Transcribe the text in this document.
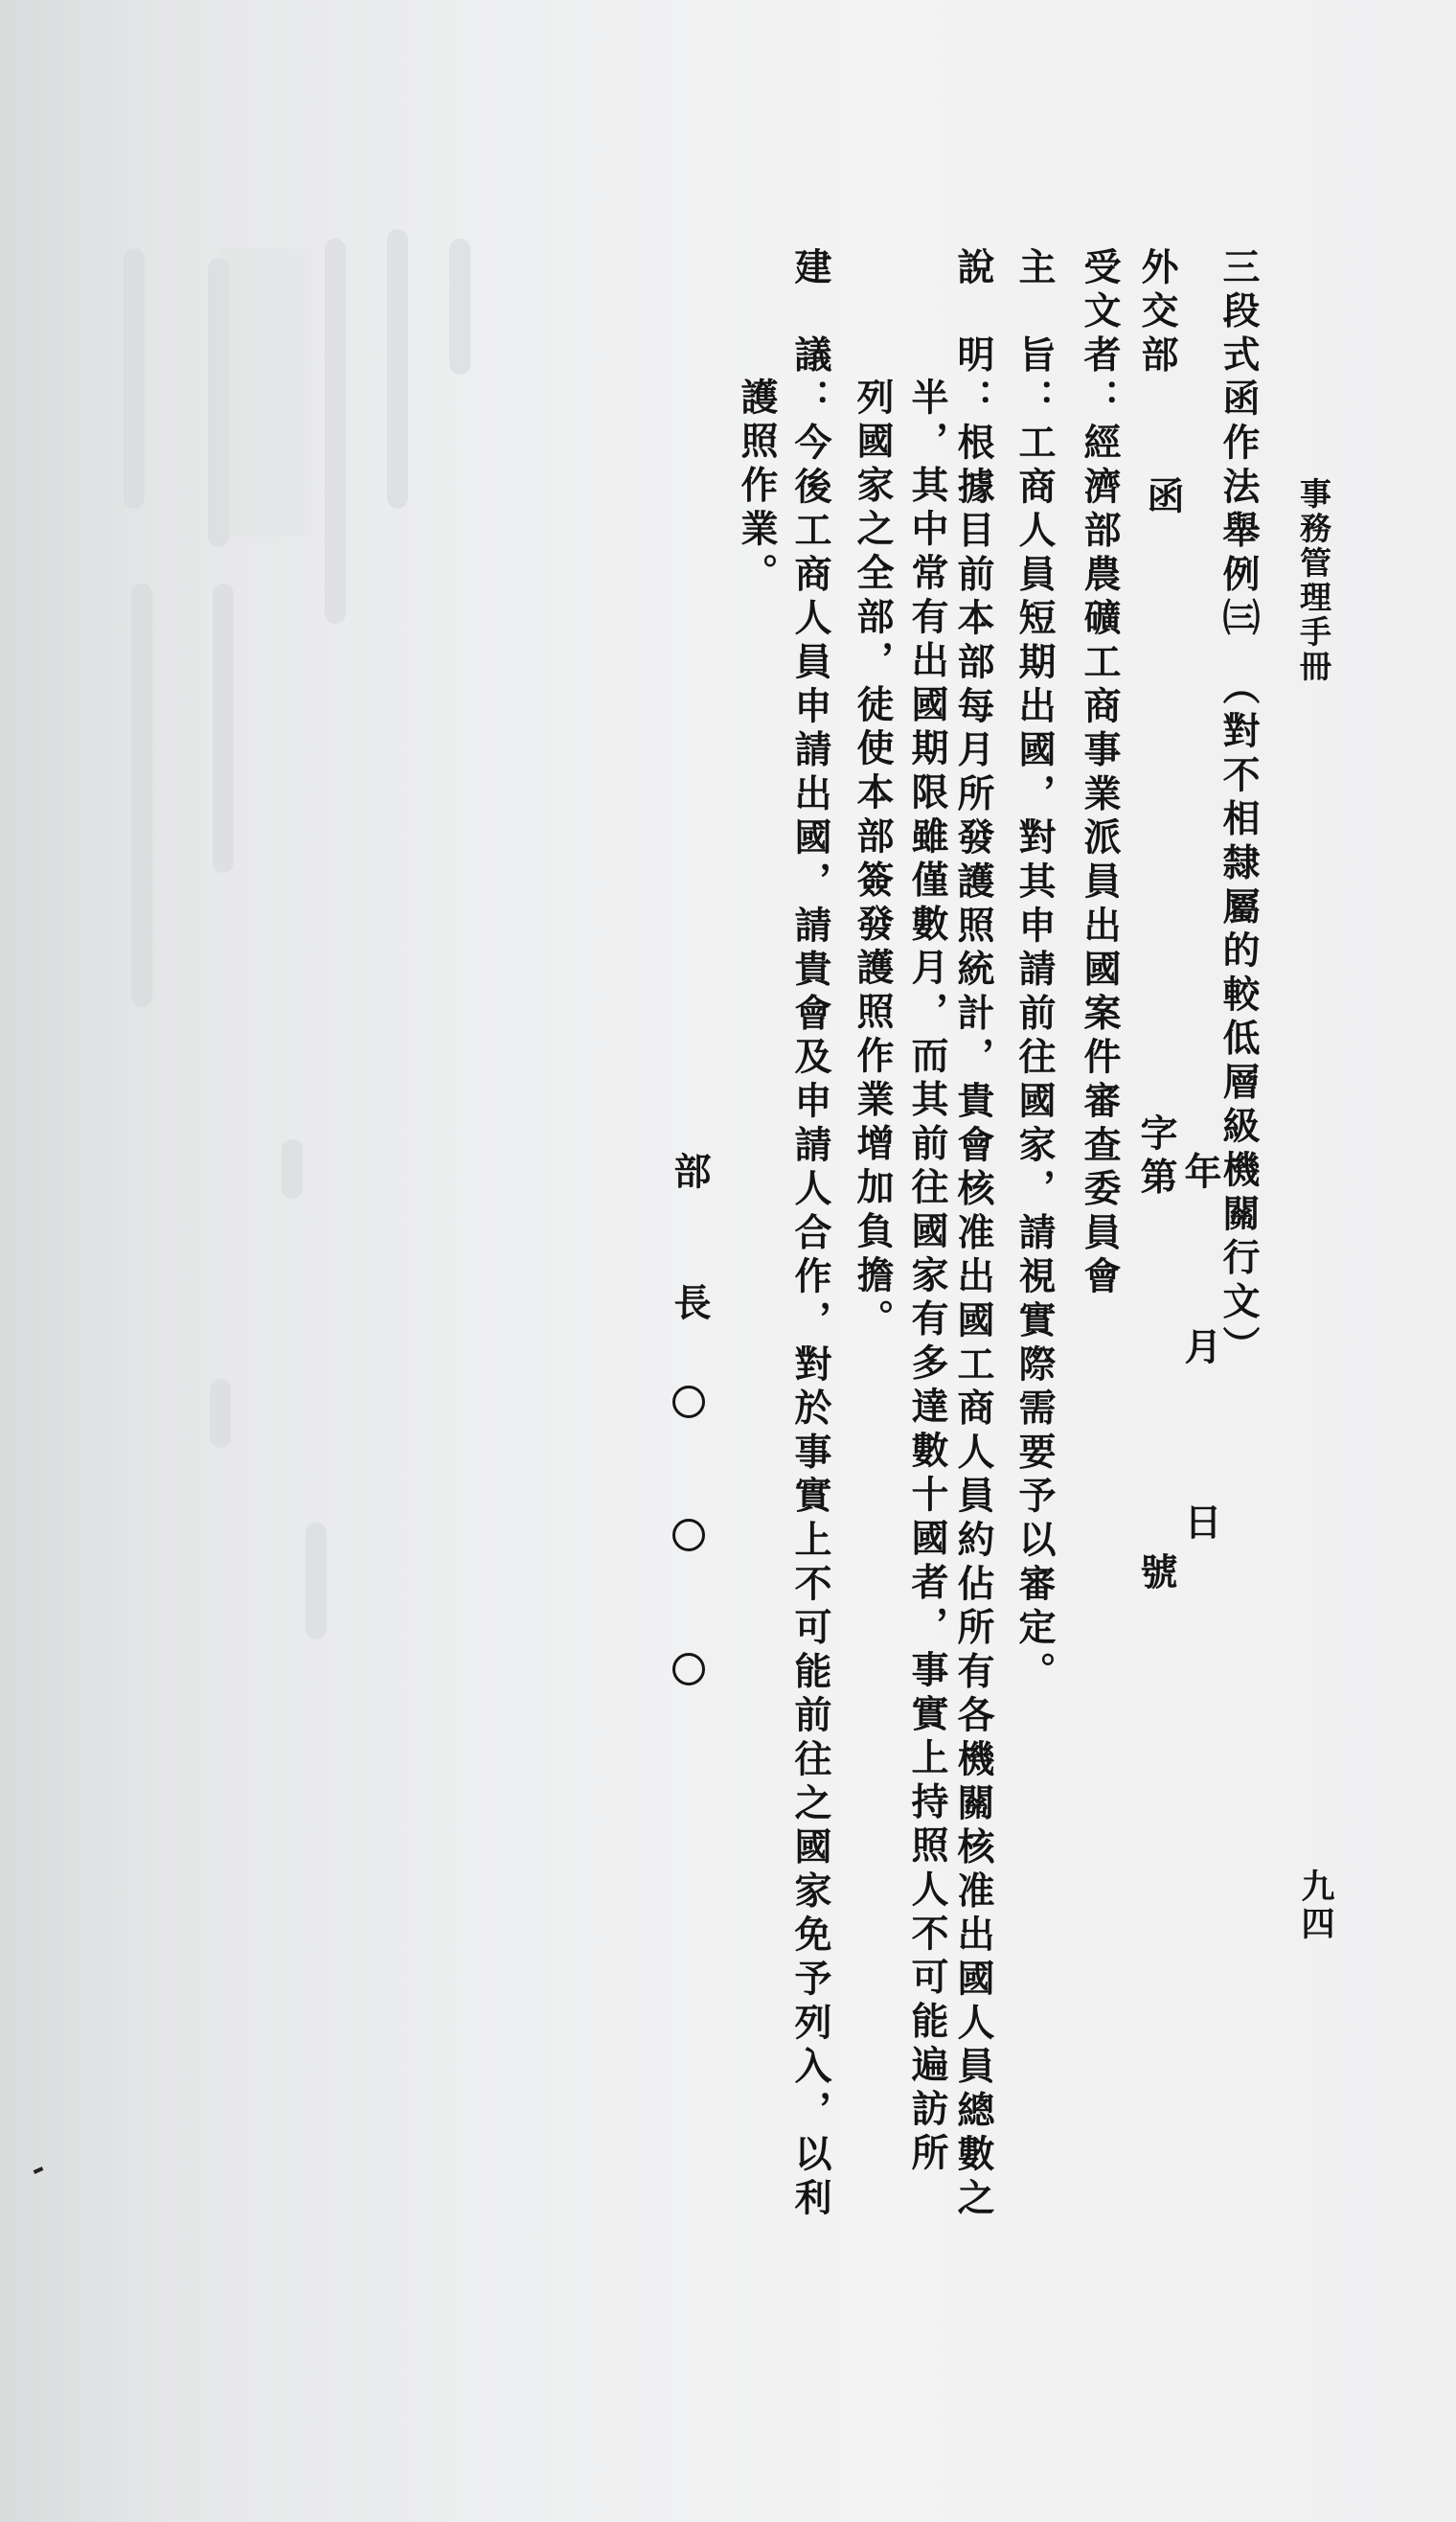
事務管理手冊

九四

三段式函作法舉例㈢　（對不相隸屬的較低層級機關行文）

外交部

函

年　　　月　　　日

字第　　　　　　　　號

受文者：經濟部農礦工商事業派員出國案件審查委員會

主　旨：工商人員短期出國，對其申請前往國家，請視實際需要予以審定。

說　明：根據目前本部每月所發護照統計，貴會核准出國工商人員約佔所有各機關核准出國人員總數之

半，其中常有出國期限雖僅數月，而其前往國家有多達數十國者，事實上持照人不可能遍訪所

列國家之全部，徒使本部簽發護照作業增加負擔。

建　議：今後工商人員申請出國，請貴會及申請人合作，對於事實上不可能前往之國家免予列入，以利

護照作業。

部　　長
